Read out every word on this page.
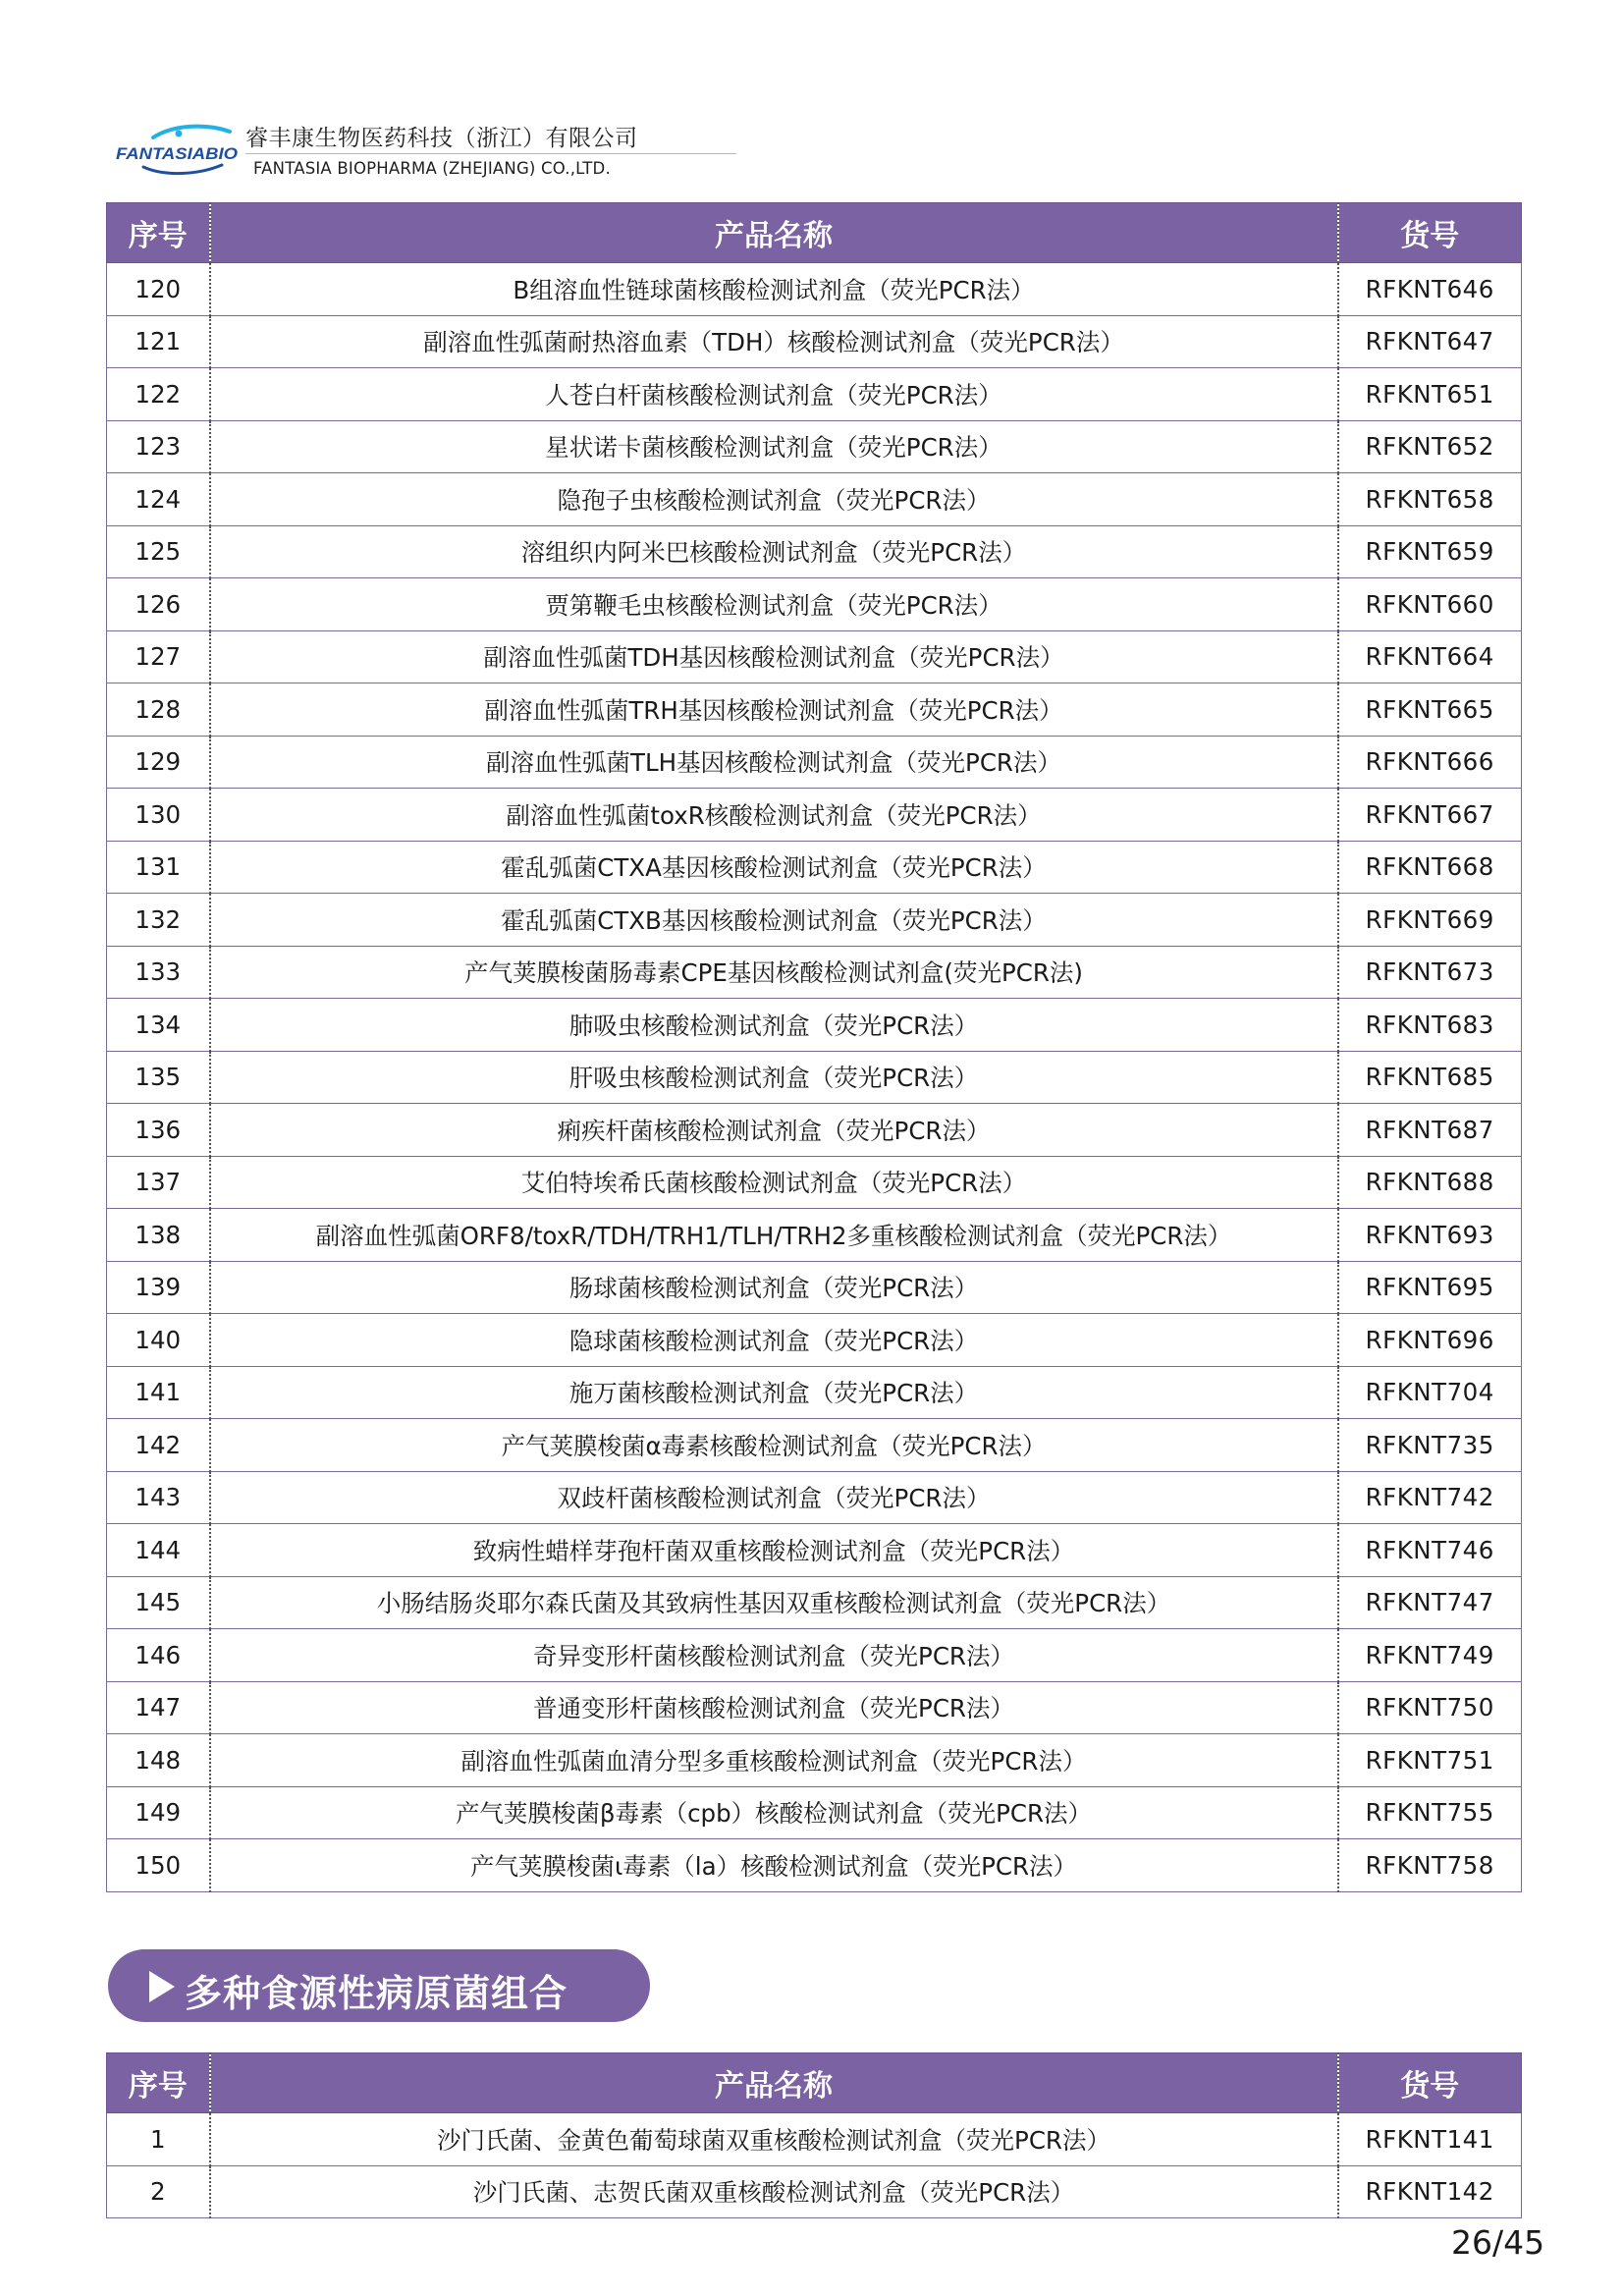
FANTASIABIO
睿丰康生物医药科技（浙江）有限公司
FANTASIA BIOPHARMA (ZHEJIANG) CO.,LTD.
序号	产品名称	货号
120	B组溶血性链球菌核酸检测试剂盒（荧光PCR法）	RFKNT646
121	副溶血性弧菌耐热溶血素（TDH）核酸检测试剂盒（荧光PCR法）	RFKNT647
122	人苍白杆菌核酸检测试剂盒（荧光PCR法）	RFKNT651
123	星状诺卡菌核酸检测试剂盒（荧光PCR法）	RFKNT652
124	隐孢子虫核酸检测试剂盒（荧光PCR法）	RFKNT658
125	溶组织内阿米巴核酸检测试剂盒（荧光PCR法）	RFKNT659
126	贾第鞭毛虫核酸检测试剂盒（荧光PCR法）	RFKNT660
127	副溶血性弧菌TDH基因核酸检测试剂盒（荧光PCR法）	RFKNT664
128	副溶血性弧菌TRH基因核酸检测试剂盒（荧光PCR法）	RFKNT665
129	副溶血性弧菌TLH基因核酸检测试剂盒（荧光PCR法）	RFKNT666
130	副溶血性弧菌toxR核酸检测试剂盒（荧光PCR法）	RFKNT667
131	霍乱弧菌CTXA基因核酸检测试剂盒（荧光PCR法）	RFKNT668
132	霍乱弧菌CTXB基因核酸检测试剂盒（荧光PCR法）	RFKNT669
133	产气荚膜梭菌肠毒素CPE基因核酸检测试剂盒(荧光PCR法)	RFKNT673
134	肺吸虫核酸检测试剂盒（荧光PCR法）	RFKNT683
135	肝吸虫核酸检测试剂盒（荧光PCR法）	RFKNT685
136	痢疾杆菌核酸检测试剂盒（荧光PCR法）	RFKNT687
137	艾伯特埃希氏菌核酸检测试剂盒（荧光PCR法）	RFKNT688
138	副溶血性弧菌ORF8/toxR/TDH/TRH1/TLH/TRH2多重核酸检测试剂盒（荧光PCR法）	RFKNT693
139	肠球菌核酸检测试剂盒（荧光PCR法）	RFKNT695
140	隐球菌核酸检测试剂盒（荧光PCR法）	RFKNT696
141	施万菌核酸检测试剂盒（荧光PCR法）	RFKNT704
142	产气荚膜梭菌α毒素核酸检测试剂盒（荧光PCR法）	RFKNT735
143	双歧杆菌核酸检测试剂盒（荧光PCR法）	RFKNT742
144	致病性蜡样芽孢杆菌双重核酸检测试剂盒（荧光PCR法）	RFKNT746
145	小肠结肠炎耶尔森氏菌及其致病性基因双重核酸检测试剂盒（荧光PCR法）	RFKNT747
146	奇异变形杆菌核酸检测试剂盒（荧光PCR法）	RFKNT749
147	普通变形杆菌核酸检测试剂盒（荧光PCR法）	RFKNT750
148	副溶血性弧菌血清分型多重核酸检测试剂盒（荧光PCR法）	RFKNT751
149	产气荚膜梭菌β毒素（cpb）核酸检测试剂盒（荧光PCR法）	RFKNT755
150	产气荚膜梭菌ι毒素（la）核酸检测试剂盒（荧光PCR法）	RFKNT758
多种食源性病原菌组合
序号	产品名称	货号
1	沙门氏菌、金黄色葡萄球菌双重核酸检测试剂盒（荧光PCR法）	RFKNT141
2	沙门氏菌、志贺氏菌双重核酸检测试剂盒（荧光PCR法）	RFKNT142
26/45
